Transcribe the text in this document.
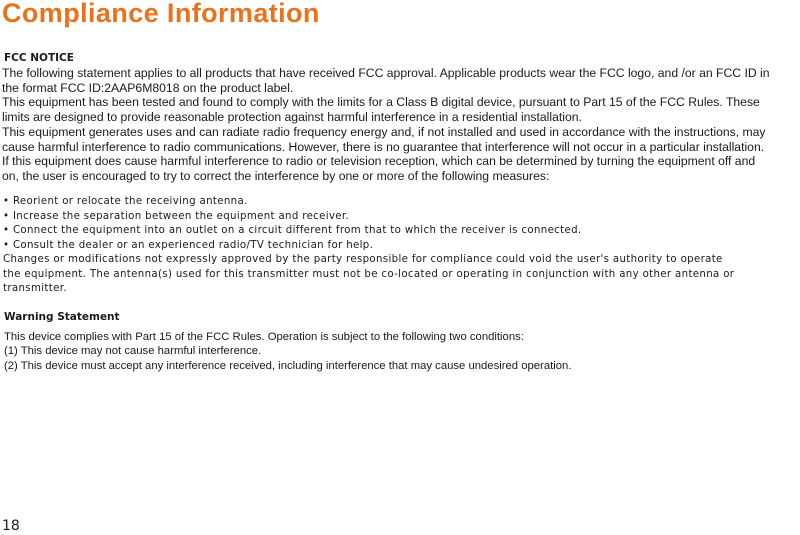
Compliance Information
FCC NOTICE

The following statement applies to all products that have received FCC approval. Applicable products wear the FCC logo, and /or an FCC ID in

the format FCC ID:2AAP6M8018 on the product label.

This equipment has been tested and found to comply with the limits for a Class B digital device, pursuant to Part 15 of the FCC Rules. These

limits are designed to provide reasonable protection against harmful interference in a residential installation.

This equipment generates uses and can radiate radio frequency energy and, if not installed and used in accordance with the instructions, may

cause harmful interference to radio communications. However, there is no guarantee that interference will not occur in a particular installation.

If this equipment does cause harmful interference to radio or television reception, which can be determined by turning the equipment off and

on, the user is encouraged to try to correct the interference by one or more of the following measures:

• Reorient or relocate the receiving antenna.
• Increase the separation between the equipment and receiver.
• Connect the equipment into an outlet on a circuit different from that to which the receiver is connected.
• Consult the dealer or an experienced radio/TV technician for help.

Changes or modifications not expressly approved by the party responsible for compliance could void the user's authority to operate

the equipment. The antenna(s) used for this transmitter must not be co-located or operating in conjunction with any other antenna or

transmitter.

Warning Statement

This device complies with Part 15 of the FCC Rules. Operation is subject to the following two conditions:

(1) This device may not cause harmful interference.

(2) This device must accept any interference received, including interference that may cause undesired operation.

18
